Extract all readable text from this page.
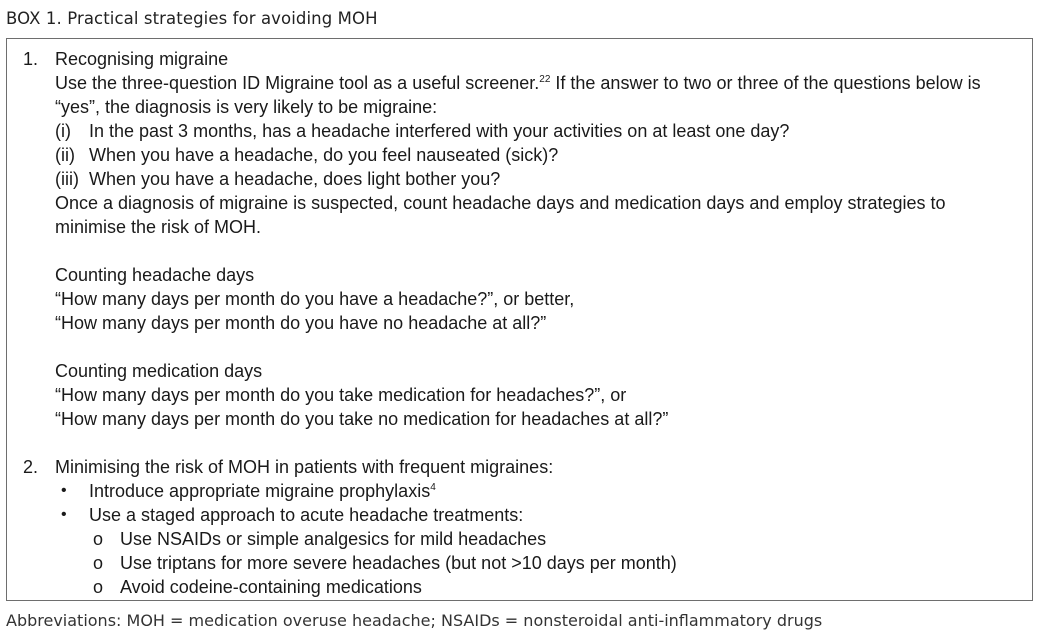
BOX 1. Practical strategies for avoiding MOH
1. Recognising migraine
Use the three-question ID Migraine tool as a useful screener.$^{22}$ If the answer to two or three of the questions below is
“yes”, the diagnosis is very likely to be migraine:
(i) In the past 3 months, has a headache interfered with your activities on at least one day?
(ii) When you have a headache, do you feel nauseated (sick)?
(iii) When you have a headache, does light bother you?
Once a diagnosis of migraine is suspected, count headache days and medication days and employ strategies to
minimise the risk of MOH.
Counting headache days
“How many days per month do you have a headache?”, or better,
“How many days per month do you have no headache at all?”
Counting medication days
“How many days per month do you take medication for headaches?”, or
“How many days per month do you take no medication for headaches at all?”
2. Minimising the risk of MOH in patients with frequent migraines:
• Introduce appropriate migraine prophylaxis$^4$
• Use a staged approach to acute headache treatments:
o Use NSAIDs or simple analgesics for mild headaches
o Use triptans for more severe headaches (but not >10 days per month)
o Avoid codeine-containing medications
Abbreviations: MOH = medication overuse headache; NSAIDs = nonsteroidal anti-inflammatory drugs
